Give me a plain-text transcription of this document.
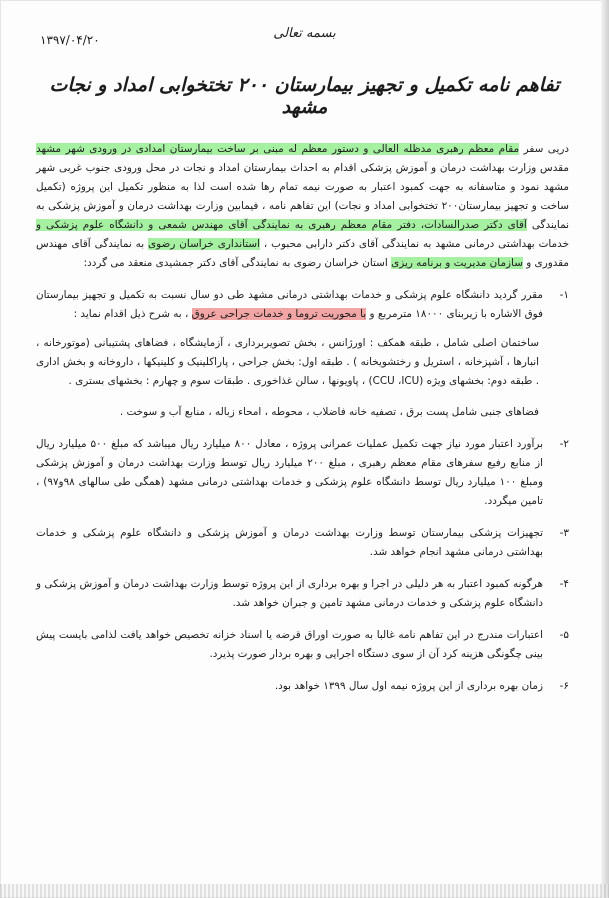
بسمه تعالی
۱۳۹۷/۰۴/۲۰
تفاهم نامه تکمیل و تجهیز بیمارستان ۲۰۰ تختخوابی امداد و نجات مشهد

دریی سفر مقام معظم رهبری مدظله العالی و دستور معظم له مبنی بر ساخت بیمارستان امدادی در ورودی شهر مشهد مقدس وزارت بهداشت درمان و آموزش پزشکی اقدام به احداث بیمارستان امداد و نجات در محل ورودی جنوب غربی شهر مشهد نمود و متاسفانه به جهت کمبود اعتبار به صورت نیمه تمام رها شده است لذا به منظور تکمیل این پروژه (تکمیل ساخت و تجهیز بیمارستان۲۰۰ تختخوابی امداد و نجات) این تفاهم نامه ، فیمابین وزارت بهداشت درمان و آموزش پزشکی به نمایندگی آقای دکتر صدرالسادات، دفتر مقام معظم رهبری به نمایندگی آقای مهندس شمعی و دانشگاه علوم پزشکی و خدمات بهداشتی درمانی مشهد به نمایندگی آقای دکتر دارابی محبوب ، استانداری خراسان رضوی به نمایندگی آقای مهندس مقدوری و سازمان مدیریت و برنامه ریزی استان خراسان رضوی به نمایندگی آقای دکتر جمشیدی منعقد می گردد:

۱-
مقرر گردید دانشگاه علوم پزشکی و خدمات بهداشتی درمانی مشهد طی دو سال نسبت به تکمیل و تجهیز بیمارستان فوق الاشاره با زیربنای ۱۸۰۰۰ مترمربع و با محوریت تروما و خدمات جراحی عروق ، به شرح ذیل اقدام نماید :

ساختمان اصلی شامل ، طبقه همکف : اورژانس ، بخش تصویربرداری ، آزمایشگاه ، فضاهای پشتیبانی (موتورخانه ، انبارها ، آشپزخانه ، استریل و رختشویخانه ) . طبقه اول: بخش جراحی ، پاراکلینیک و کلینیکها ، داروخانه و بخش اداری . طبقه دوم: بخشهای ویژه (CCU ،ICU) ، پاویونها ، سالن غذاخوری . طبقات سوم و چهارم : بخشهای بستری .

فضاهای جنبی شامل پست برق ، تصفیه خانه فاضلاب ، محوطه ، امحاء زباله ، منابع آب و سوخت .

۲-
برآورد اعتبار مورد نیاز جهت تکمیل عملیات عمرانی پروژه ، معادل ۸۰۰ میلیارد ریال میباشد که مبلغ ۵۰۰ میلیارد ریال از منابع رفیع سفرهای مقام معظم رهبری ، مبلغ ۲۰۰ میلیارد ریال توسط وزارت بهداشت درمان و آموزش پزشکی ومبلغ ۱۰۰ میلیارد ریال توسط دانشگاه علوم پزشکی و خدمات بهداشتی درمانی مشهد (همگی طی سالهای ۹۸و۹۷) ، تامین میگردد.
۳-
تجهیزات پزشکی بیمارستان توسط وزارت بهداشت درمان و آموزش پزشکی و دانشگاه علوم پزشکی و خدمات بهداشتی درمانی مشهد انجام خواهد شد.
۴-
هرگونه کمبود اعتبار به هر دلیلی در اجرا و بهره برداری از این پروژه توسط وزارت بهداشت درمان و آموزش پزشکی و دانشگاه علوم پزشکی و خدمات درمانی مشهد تامین و جبران خواهد شد.
۵-
اعتبارات مندرج در این تفاهم نامه غالبا به صورت اوراق قرضه یا اسناد خزانه تخصیص خواهد یافت لذامی بایست پیش بینی چگونگی هزینه کرد آن از سوی دستگاه اجرایی و بهره بردار صورت پذیرد.
۶-
زمان بهره برداری از این پروژه نیمه اول سال ۱۳۹۹ خواهد بود.
